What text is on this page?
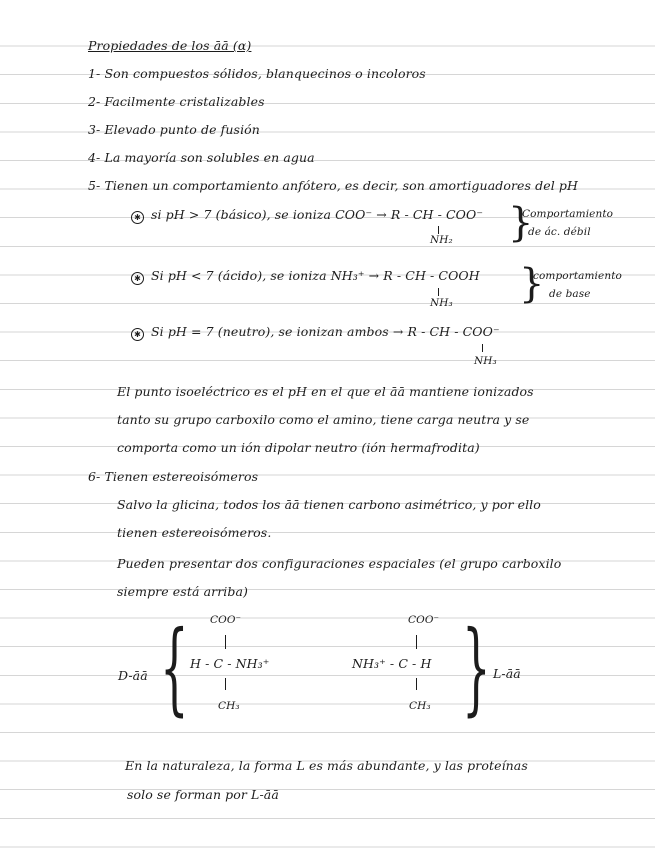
Propiedades de los āā (α)
1- Son compuestos sólidos, blanquecinos o incoloros
2- Facilmente cristalizables
3- Elevado punto de fusión
4- La mayoría son solubles en agua
5- Tienen un comportamiento anfótero, es decir, son amortiguadores del pH
✱ si pH > 7 (básico), se ioniza COO⁻ → R - CH - COO⁻
NH₂ }
Comportamiento
de ác. débil
✱ Si pH < 7 (ácido), se ioniza NH₃⁺ → R - CH - COOH
NH₃ }
comportamiento
de base
✱ Si pH = 7 (neutro), se ionizan ambos → R - CH - COO⁻
NH₃
El punto isoeléctrico es el pH en el que el āā mantiene ionizados
tanto su grupo carboxilo como el amino, tiene carga neutra y se
comporta como un ión dipolar neutro (ión hermafrodita)
6- Tienen estereoisómeros
Salvo la glicina, todos los āā tienen carbono asimétrico, y por ello
tienen estereoisómeros.
Pueden presentar dos configuraciones espaciales (el grupo carboxilo
siempre está arriba)
D-āā { COO⁻
H - C - NH₃⁺
CH₃
COO⁻
NH₃⁺ - C - H
CH₃ } L-āā
En la naturaleza, la forma L es más abundante, y las proteínas
solo se forman por L-āā
